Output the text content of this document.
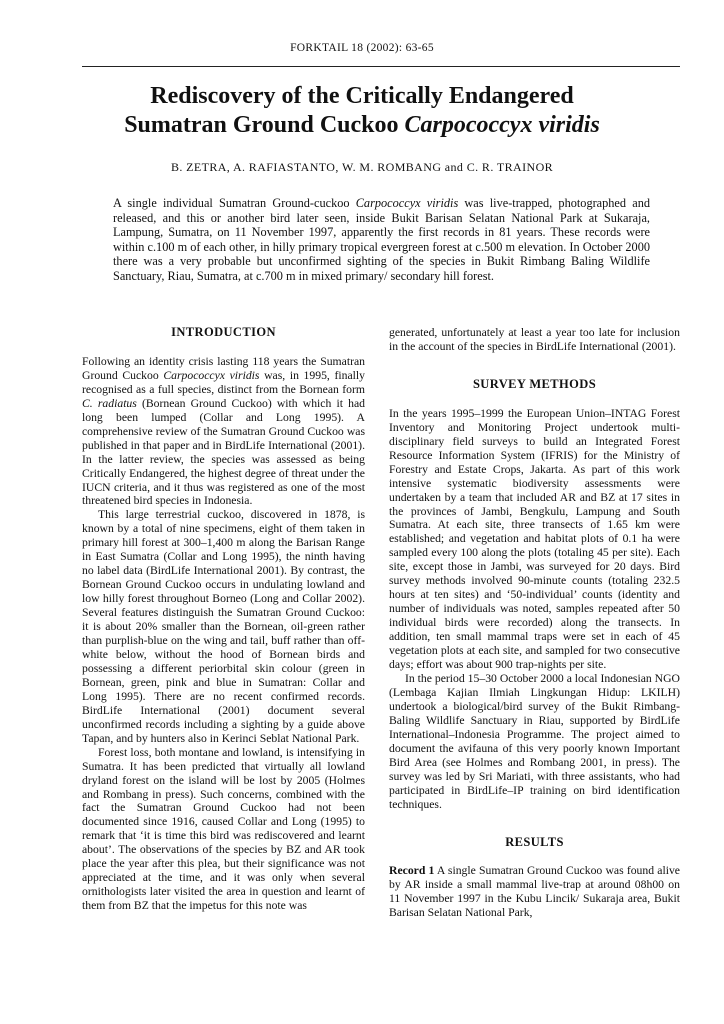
FORKTAIL 18 (2002): 63-65
Rediscovery of the Critically Endangered
Sumatran Ground Cuckoo Carpococcyx viridis
B. ZETRA, A. RAFIASTANTO, W. M. ROMBANG and C. R. TRAINOR

A single individual Sumatran Ground-cuckoo Carpococcyx viridis was live-trapped, photographed and released, and this or another bird later seen, inside Bukit Barisan Selatan National Park at Sukaraja, Lampung, Sumatra, on 11 November 1997, apparently the first records in 81 years. These records were within c.100 m of each other, in hilly primary tropical evergreen forest at c.500 m elevation. In October 2000 there was a very probable but unconfirmed sighting of the species in Bukit Rimbang Baling Wildlife Sanctuary, Riau, Sumatra, at c.700 m in mixed primary/ secondary hill forest.

INTRODUCTION

Following an identity crisis lasting 118 years the Sumatran Ground Cuckoo Carpococcyx viridis was, in 1995, finally recognised as a full species, distinct from the Bornean form C. radiatus (Bornean Ground Cuckoo) with which it had long been lumped (Collar and Long 1995). A comprehensive review of the Sumatran Ground Cuckoo was published in that paper and in BirdLife International (2001). In the latter review, the species was assessed as being Critically Endangered, the highest degree of threat under the IUCN criteria, and it thus was registered as one of the most threatened bird species in Indonesia.

This large terrestrial cuckoo, discovered in 1878, is known by a total of nine specimens, eight of them taken in primary hill forest at 300–1,400 m along the Barisan Range in East Sumatra (Collar and Long 1995), the ninth having no label data (BirdLife International 2001). By contrast, the Bornean Ground Cuckoo occurs in undulating lowland and low hilly forest throughout Borneo (Long and Collar 2002). Several features distinguish the Sumatran Ground Cuckoo: it is about 20% smaller than the Bornean, oil-green rather than purplish-blue on the wing and tail, buff rather than off-white below, without the hood of Bornean birds and possessing a different periorbital skin colour (green in Bornean, green, pink and blue in Sumatran: Collar and Long 1995). There are no recent confirmed records. BirdLife International (2001) document several unconfirmed records including a sighting by a guide above Tapan, and by hunters also in Kerinci Seblat National Park.

Forest loss, both montane and lowland, is intensifying in Sumatra. It has been predicted that virtually all lowland dryland forest on the island will be lost by 2005 (Holmes and Rombang in press). Such concerns, combined with the fact the Sumatran Ground Cuckoo had not been documented since 1916, caused Collar and Long (1995) to remark that ‘it is time this bird was rediscovered and learnt about’. The observations of the species by BZ and AR took place the year after this plea, but their significance was not appreciated at the time, and it was only when several ornithologists later visited the area in question and learnt of them from BZ that the impetus for this note was

generated, unfortunately at least a year too late for inclusion in the account of the species in BirdLife International (2001).

SURVEY METHODS

In the years 1995–1999 the European Union–INTAG Forest Inventory and Monitoring Project undertook multi-disciplinary field surveys to build an Integrated Forest Resource Information System (IFRIS) for the Ministry of Forestry and Estate Crops, Jakarta. As part of this work intensive systematic biodiversity assessments were undertaken by a team that included AR and BZ at 17 sites in the provinces of Jambi, Bengkulu, Lampung and South Sumatra. At each site, three transects of 1.65 km were established; and vegetation and habitat plots of 0.1 ha were sampled every 100 along the plots (totaling 45 per site). Each site, except those in Jambi, was surveyed for 20 days. Bird survey methods involved 90-minute counts (totaling 232.5 hours at ten sites) and ‘50-individual’ counts (identity and number of individuals was noted, samples repeated after 50 individual birds were recorded) along the transects. In addition, ten small mammal traps were set in each of 45 vegetation plots at each site, and sampled for two consecutive days; effort was about 900 trap-nights per site.

In the period 15–30 October 2000 a local Indonesian NGO (Lembaga Kajian Ilmiah Lingkungan Hidup: LKILH) undertook a biological/bird survey of the Bukit Rimbang-Baling Wildlife Sanctuary in Riau, supported by BirdLife International–Indonesia Programme. The project aimed to document the avifauna of this very poorly known Important Bird Area (see Holmes and Rombang 2001, in press). The survey was led by Sri Mariati, with three assistants, who had participated in BirdLife–IP training on bird identification techniques.

RESULTS

Record 1 A single Sumatran Ground Cuckoo was found alive by AR inside a small mammal live-trap at around 08h00 on 11 November 1997 in the Kubu Lincik/ Sukaraja area, Bukit Barisan Selatan National Park,
